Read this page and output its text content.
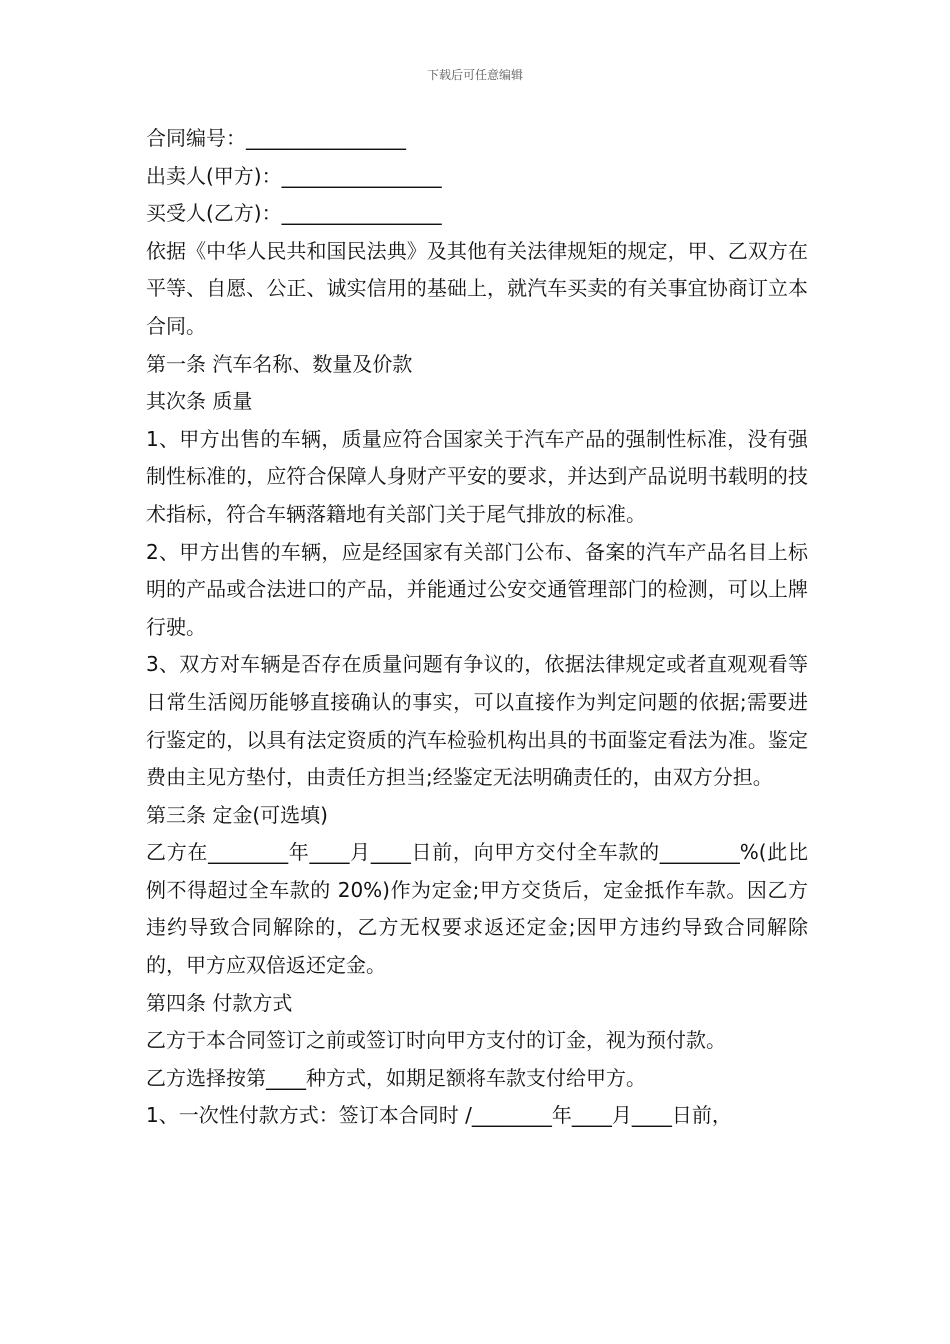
下载后可任意编辑

合同编号：________________

出卖人(甲方)：________________

买受人(乙方)：________________

依据《中华人民共和国民法典》及其他有关法律规矩的规定，甲、乙双方在平等、自愿、公正、诚实信用的基础上，就汽车买卖的有关事宜协商订立本合同。

第一条 汽车名称、数量及价款

其次条 质量

1、甲方出售的车辆，质量应符合国家关于汽车产品的强制性标准，没有强制性标准的，应符合保障人身财产平安的要求，并达到产品说明书载明的技术指标，符合车辆落籍地有关部门关于尾气排放的标准。

2、甲方出售的车辆，应是经国家有关部门公布、备案的汽车产品名目上标明的产品或合法进口的产品，并能通过公安交通管理部门的检测，可以上牌行驶。

3、双方对车辆是否存在质量问题有争议的，依据法律规定或者直观观看等日常生活阅历能够直接确认的事实，可以直接作为判定问题的依据;需要进行鉴定的，以具有法定资质的汽车检验机构出具的书面鉴定看法为准。鉴定费由主见方垫付，由责任方担当;经鉴定无法明确责任的，由双方分担。

第三条 定金(可选填)

乙方在________年____月____日前，向甲方交付全车款的________%(此比例不得超过全车款的 20%)作为定金;甲方交货后，定金抵作车款。因乙方违约导致合同解除的，乙方无权要求返还定金;因甲方违约导致合同解除的，甲方应双倍返还定金。

第四条 付款方式

乙方于本合同签订之前或签订时向甲方支付的订金，视为预付款。

乙方选择按第____种方式，如期足额将车款支付给甲方。

1、一次性付款方式：签订本合同时 /________年____月____日前，
